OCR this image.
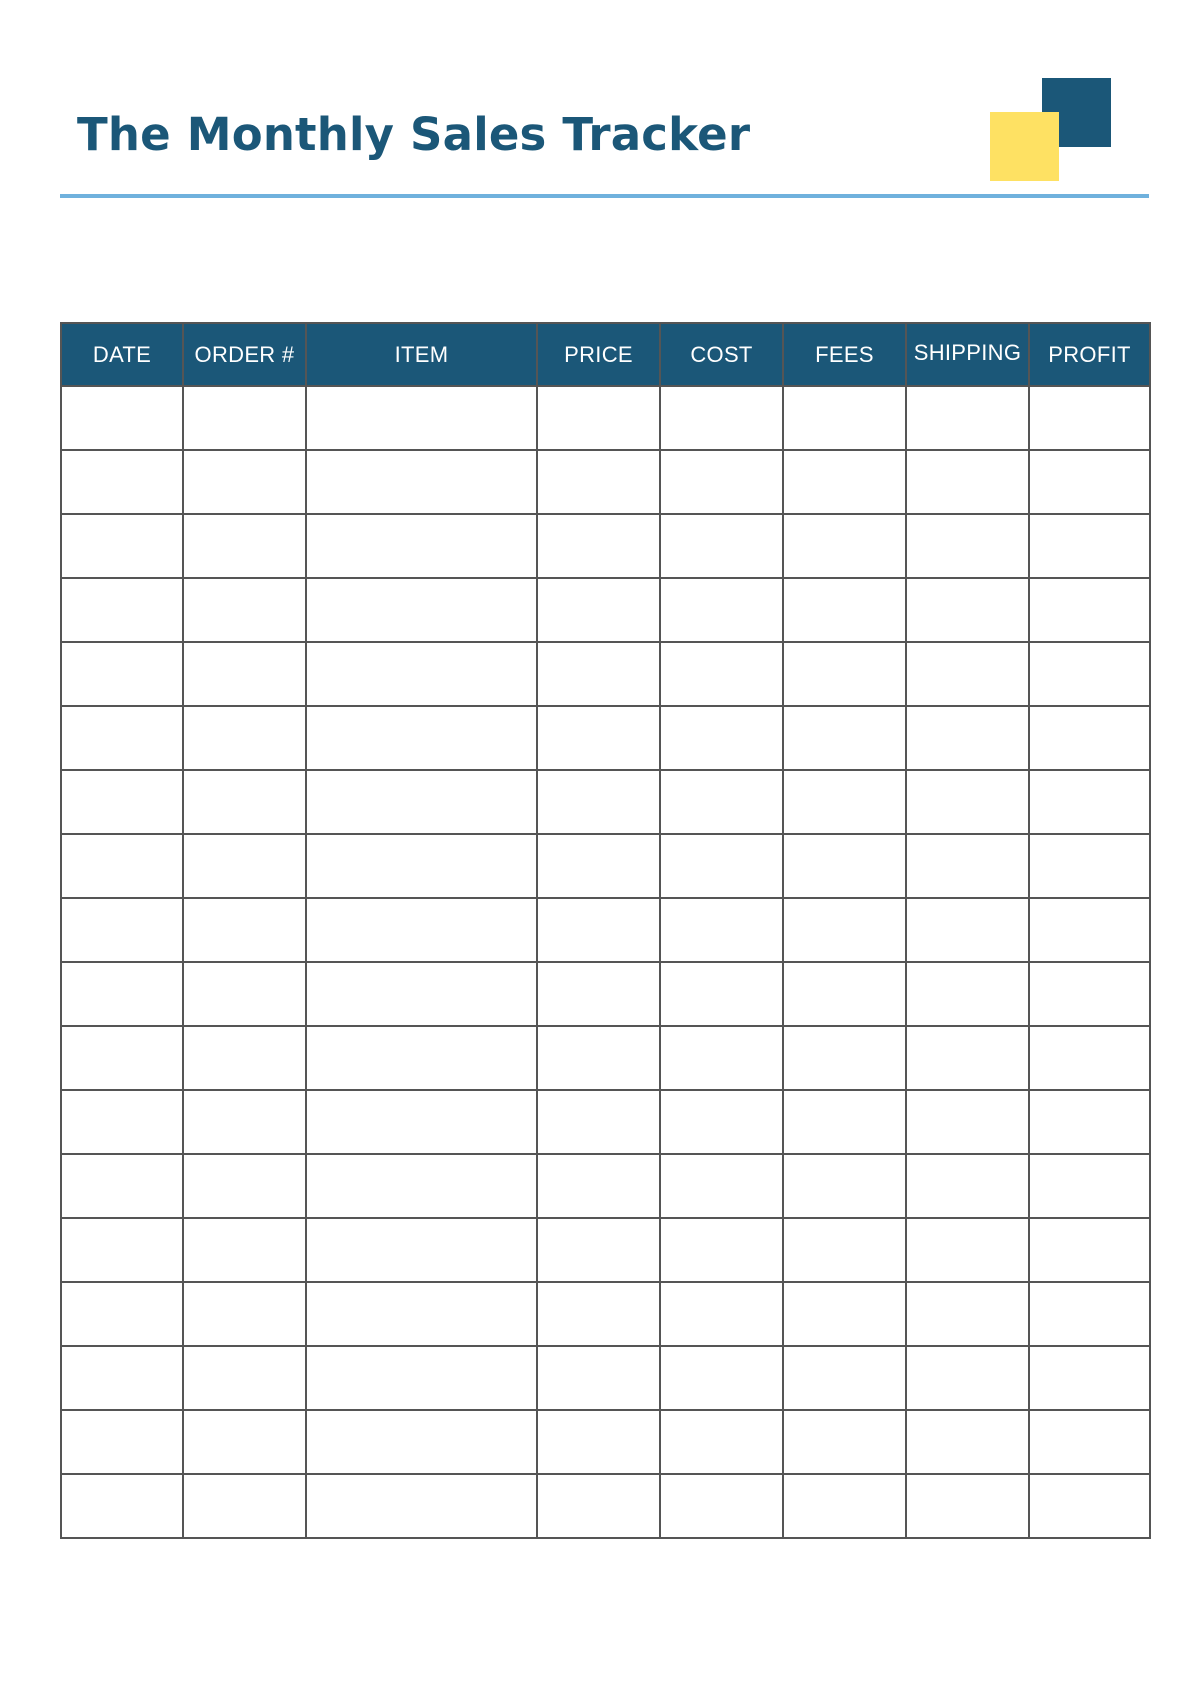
The Monthly Sales Tracker
DATE	ORDER #	ITEM	PRICE	COST	FEES	SHIPPING	PROFIT
